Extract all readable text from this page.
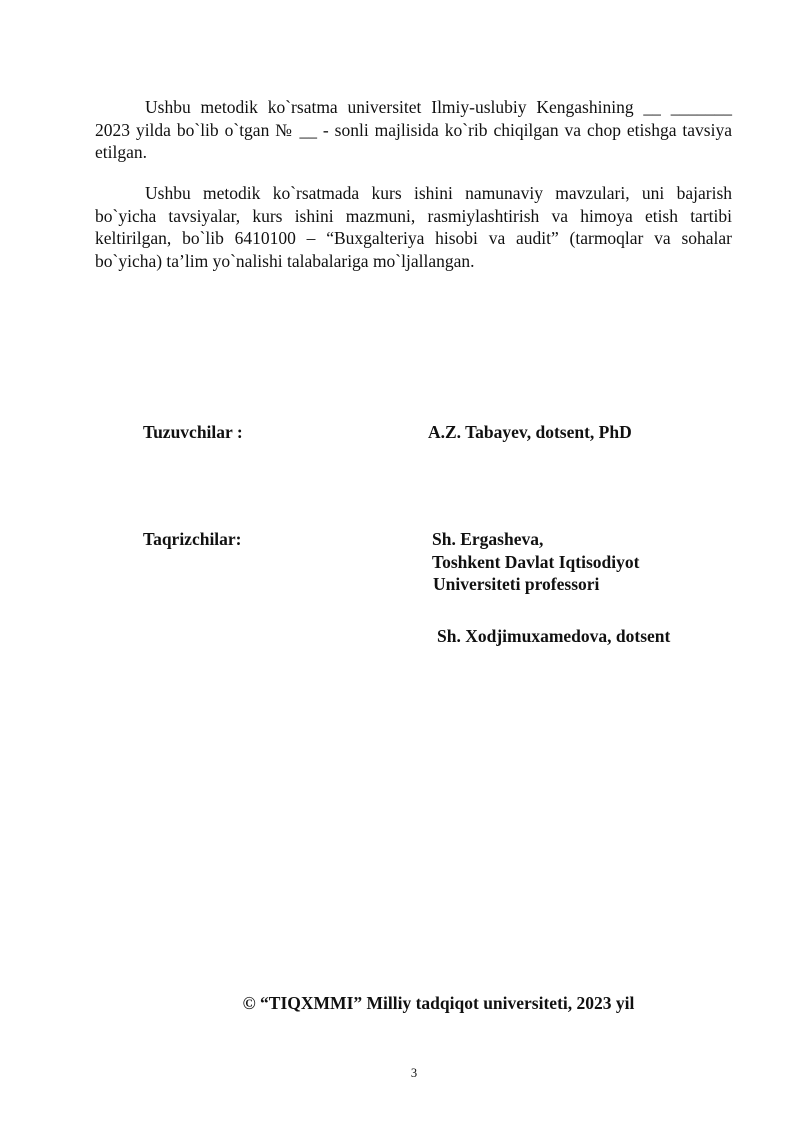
Ushbu metodik ko`rsatma universitet Ilmiy-uslubiy Kengashining __ _______ 2023 yilda bo`lib o`tgan № __ - sonli majlisida ko`rib chiqilgan va chop etishga tavsiya etilgan.

Ushbu metodik ko`rsatmada kurs ishini namunaviy mavzulari, uni bajarish bo`yicha tavsiyalar, kurs ishini mazmuni, rasmiylashtirish va himoya etish tartibi keltirilgan, bo`lib 6410100 – “Buxgalteriya hisobi va audit” (tarmoqlar va sohalar bo`yicha) ta’lim yo`nalishi talabalariga mo`ljallangan.

Tuzuvchilar :	A.Z. Tabayev, dotsent, PhD
Taqrizchilar:	Sh. Ergasheva,
Toshkent Davlat Iqtisodiyot
Universiteti professori
Sh. Xodjimuxamedova, dotsent
© “TIQXMMI” Milliy tadqiqot universiteti, 2023 yil
3
